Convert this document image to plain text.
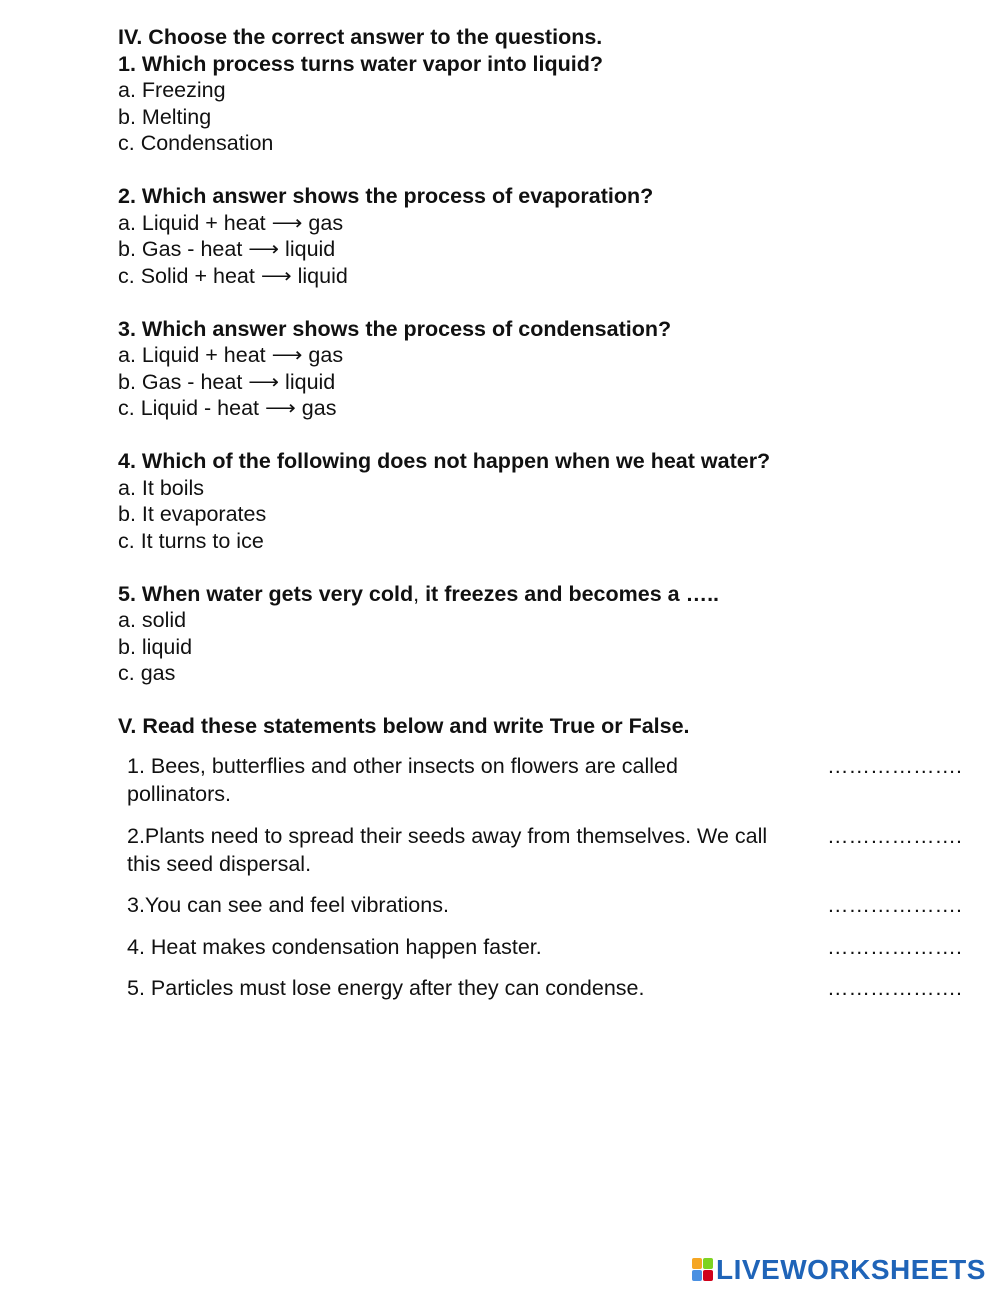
IV. Choose the correct answer to the questions.
1. Which process turns water vapor into liquid?
a. Freezing
b. Melting
c. Condensation
2. Which answer shows the process of evaporation?
a. Liquid + heat ⟶ gas
b. Gas - heat ⟶ liquid
c. Solid + heat ⟶ liquid
3. Which answer shows the process of condensation?
a. Liquid + heat ⟶ gas
b. Gas - heat ⟶ liquid
c. Liquid - heat ⟶ gas
4. Which of the following does not happen when we heat water?
a. It boils
b. It evaporates
c. It turns to ice
5. When water gets very cold, it freezes and becomes a …..
a. solid
b. liquid
c. gas
V. Read these statements below and write True or False.
1. Bees, butterflies and other insects on flowers are called pollinators.
……………….
2.Plants need to spread their seeds away from themselves. We call this seed dispersal.
……………….
3.You can see and feel vibrations.	……………….
4. Heat makes condensation happen faster.	……………….
5. Particles must lose energy after they can condense.	……………….
LIVEWORKSHEETS
